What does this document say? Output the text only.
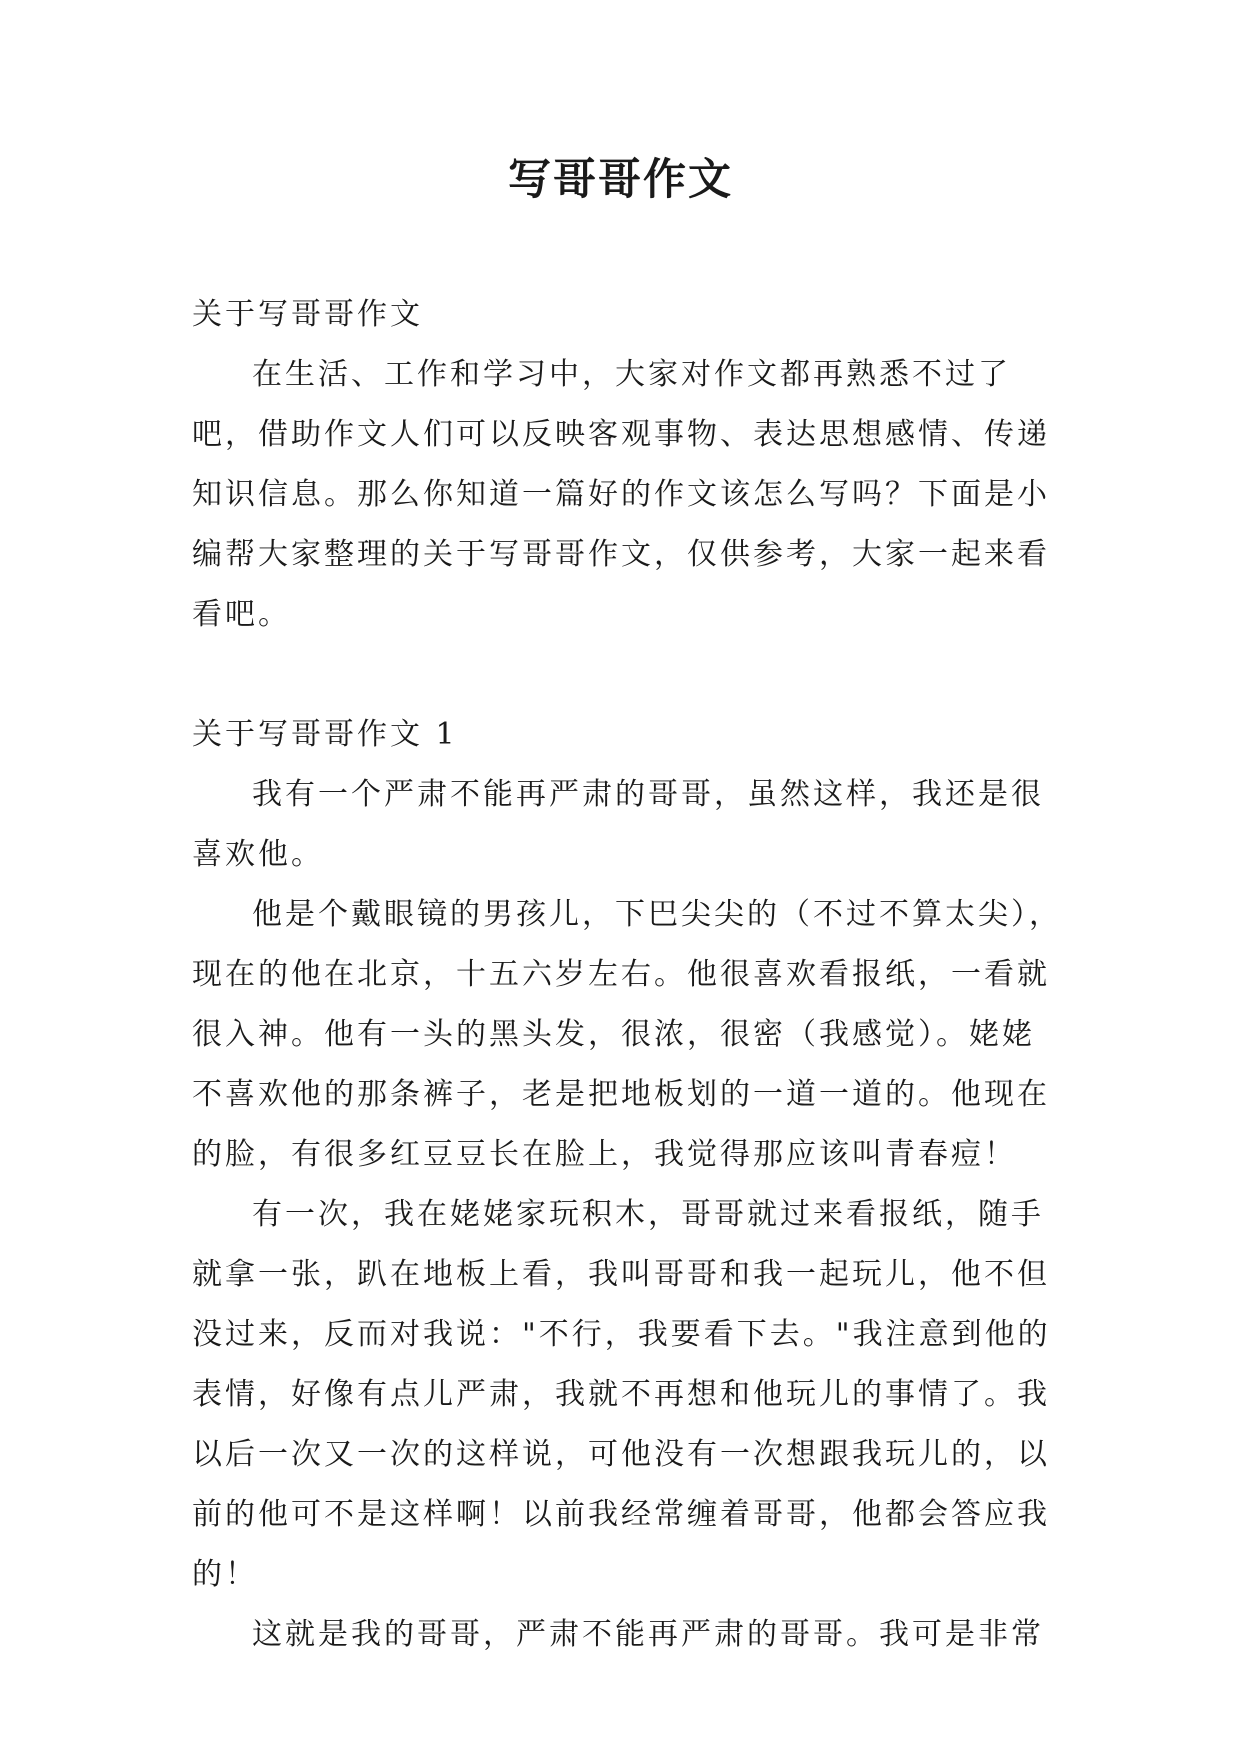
写哥哥作文

关于写哥哥作文

在生活、工作和学习中，大家对作文都再熟悉不过了吧，借助作文人们可以反映客观事物、表达思想感情、传递知识信息。那么你知道一篇好的作文该怎么写吗？下面是小编帮大家整理的关于写哥哥作文，仅供参考，大家一起来看看吧。

关于写哥哥作文 1

我有一个严肃不能再严肃的哥哥，虽然这样，我还是很喜欢他。

他是个戴眼镜的男孩儿，下巴尖尖的（不过不算太尖），现在的他在北京，十五六岁左右。他很喜欢看报纸，一看就很入神。他有一头的黑头发，很浓，很密（我感觉）。姥姥不喜欢他的那条裤子，老是把地板划的一道一道的。他现在的脸，有很多红豆豆长在脸上，我觉得那应该叫青春痘！

有一次，我在姥姥家玩积木，哥哥就过来看报纸，随手就拿一张，趴在地板上看，我叫哥哥和我一起玩儿，他不但没过来，反而对我说："不行，我要看下去。"我注意到他的表情，好像有点儿严肃，我就不再想和他玩儿的事情了。我以后一次又一次的这样说，可他没有一次想跟我玩儿的，以前的他可不是这样啊！以前我经常缠着哥哥，他都会答应我的！

这就是我的哥哥，严肃不能再严肃的哥哥。我可是非常
